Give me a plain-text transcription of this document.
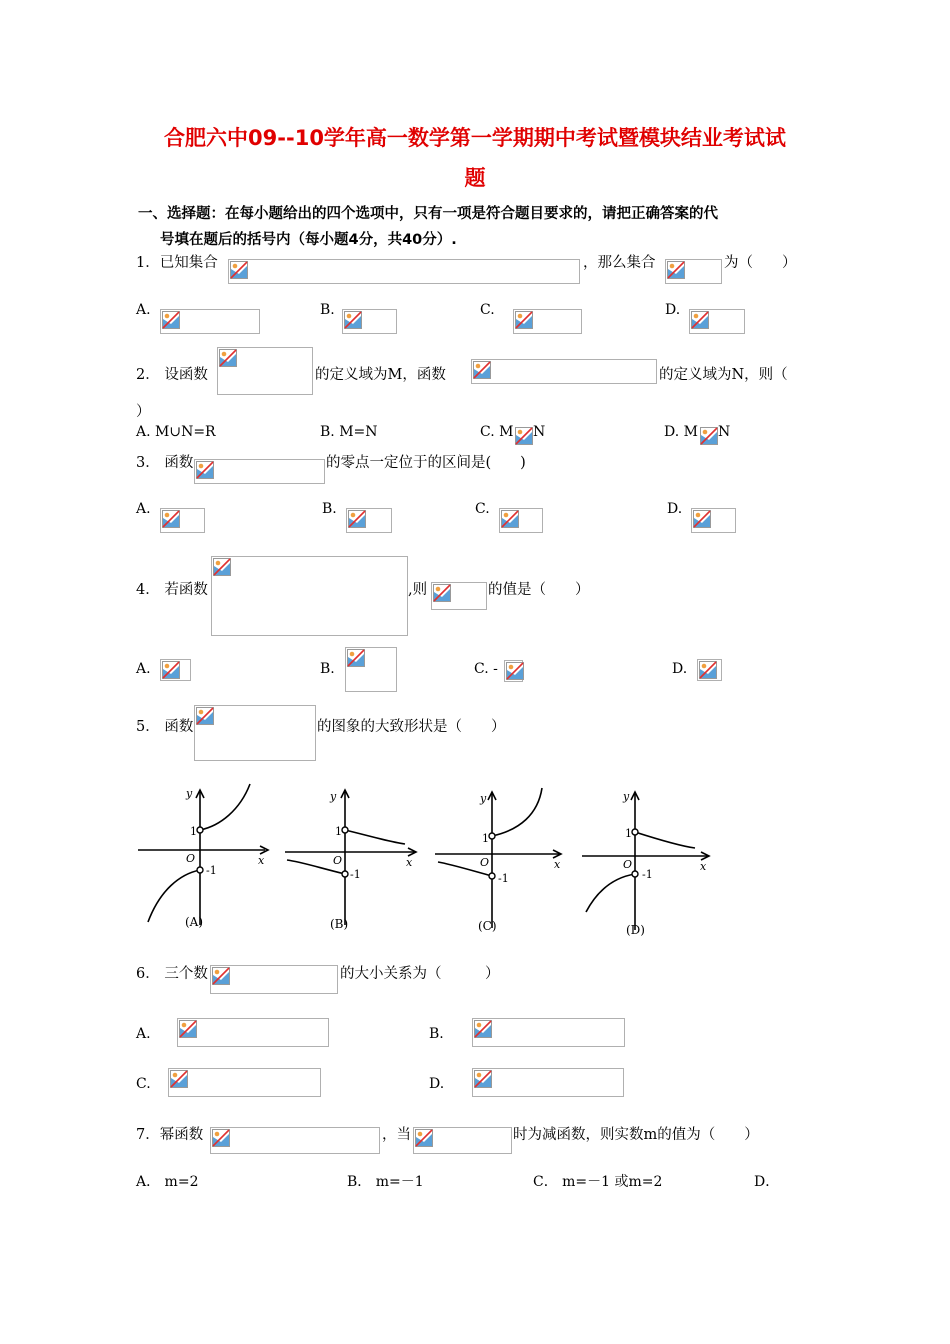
合肥六中09--10学年高一数学第一学期期中考试暨模块结业考试试
题
一、选择题：在每小题给出的四个选项中，只有一项是符合题目要求的，请把正确答案的代
号填在题后的括号内（每小题4分，共40分）.
1．已知集合	，那么集合	为（　　）
A.	B.	C.	D.
2． 设函数	的定义域为M，函数	的定义域为N，则（
）
A. M∪N=R	B. M=N	C. M N	D. M N
3． 函数	的零点一定位于的区间是(　　)
A.	B.	C.	D.
4． 若函数	,则	的值是（　　）
A.	B.	C. -	D.
5． 函数	的图象的大致形状是（　　）
y
x
O
1
-1
(A)
y
x
O
1
-1
(B)
y
x
O
1
-1
(C)
y
x
O
1
-1
(D)
6． 三个数	的大小关系为（　　　）
A.	B.
C.	D.
7．幂函数	，当	时为减函数，则实数m的值为（　　）
A． m=2	B． m=－1	C． m=－1 或m=2	D．
